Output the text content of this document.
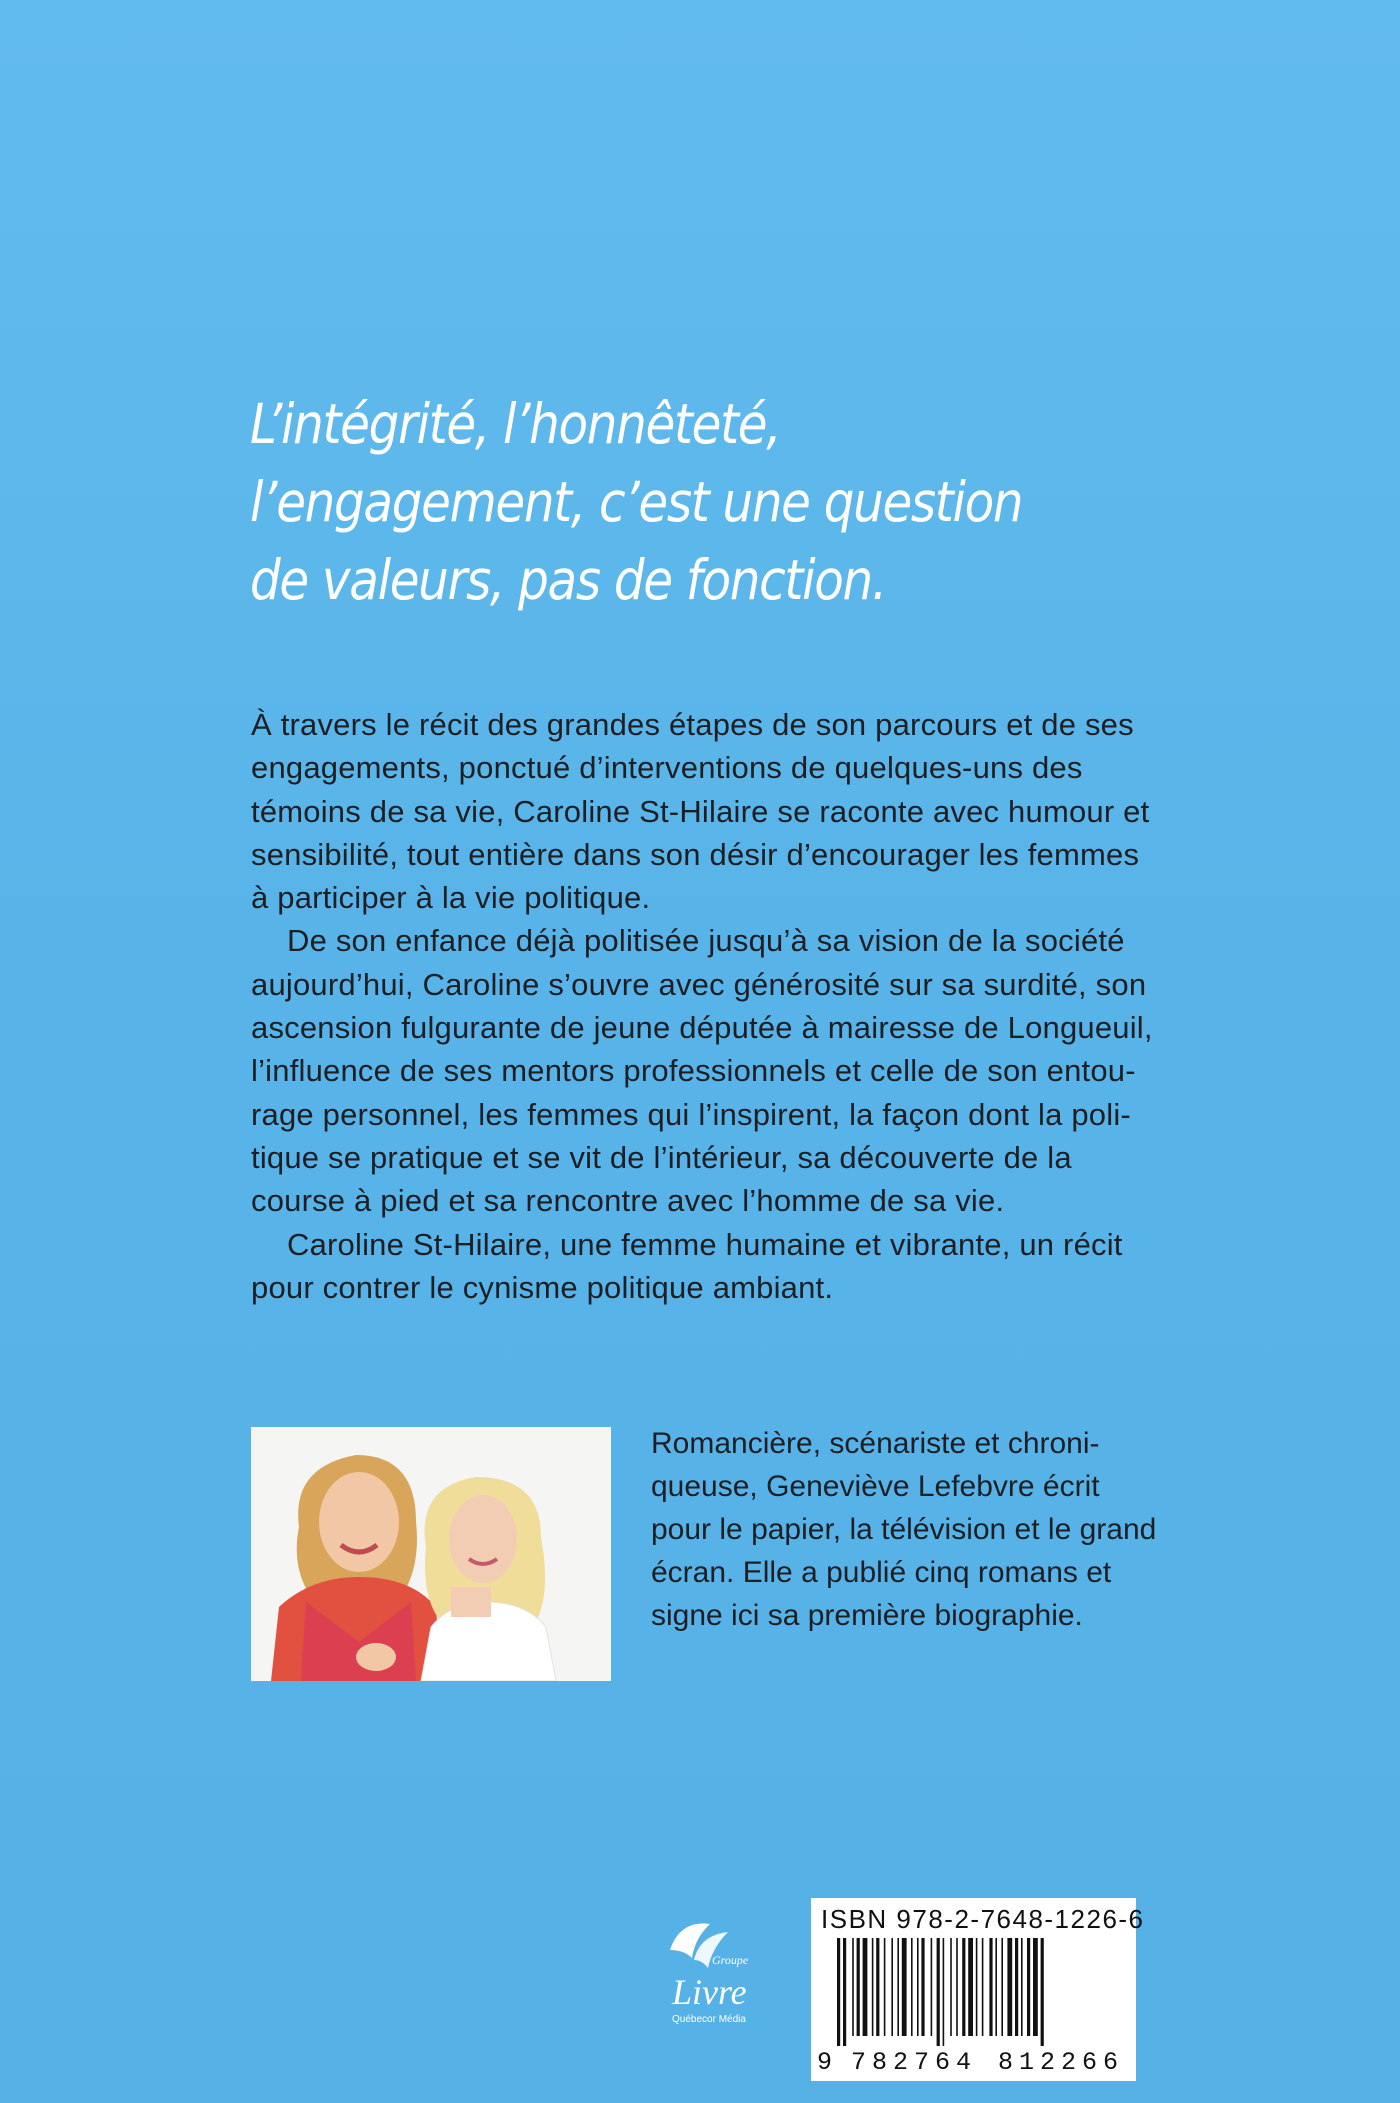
L’intégrité, l’honnêteté,
l’engagement, c’est une question
de valeurs, pas de fonction.
À travers le récit des grandes étapes de son parcours et de ses
engagements, ponctué d’interventions de quelques-uns des
témoins de sa vie, Caroline St-Hilaire se raconte avec humour et
sensibilité, tout entière dans son désir d’encourager les femmes
à participer à la vie politique.
De son enfance déjà politisée jusqu’à sa vision de la société
aujourd’hui, Caroline s’ouvre avec générosité sur sa surdité, son
ascension fulgurante de jeune députée à mairesse de Longueuil,
l’influence de ses mentors professionnels et celle de son entou-
rage personnel, les femmes qui l’inspirent, la façon dont la poli-
tique se pratique et se vit de l’intérieur, sa découverte de la
course à pied et sa rencontre avec l’homme de sa vie.
Caroline St-Hilaire, une femme humaine et vibrante, un récit
pour contrer le cynisme politique ambiant.
Romancière, scénariste et chroni-
queuse, Geneviève Lefebvre écrit
pour le papier, la télévision et le grand
écran. Elle a publié cinq romans et
signe ici sa première biographie.
Groupe
Livre
Québecor Média
ISBN 978-2-7648-1226-6
9 782764 812266
